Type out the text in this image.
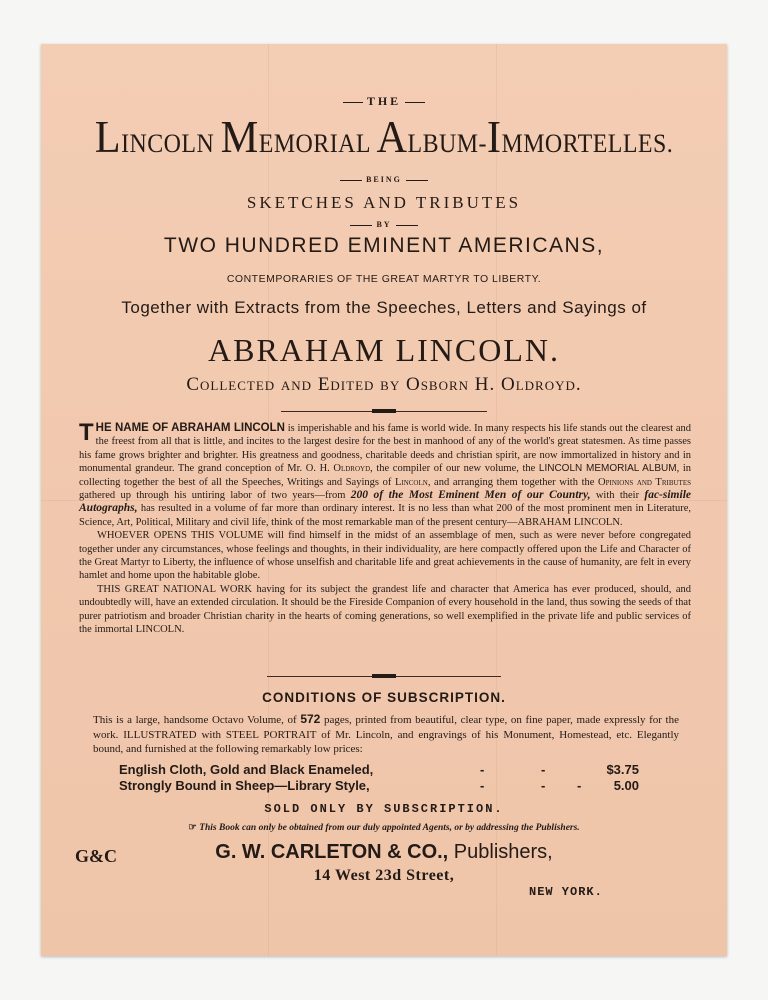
THE
LINCOLN MEMORIAL ALBUM-IMMORTELLES.
BEING
SKETCHES AND TRIBUTES
BY
TWO HUNDRED EMINENT AMERICANS,
CONTEMPORARIES OF THE GREAT MARTYR TO LIBERTY.
Together with Extracts from the Speeches, Letters and Sayings of
ABRAHAM LINCOLN.
Collected and Edited by Osborn H. Oldroyd.

THE NAME OF ABRAHAM LINCOLN is imperishable and his fame is world wide. In many respects his life stands out the clearest and the freest from all that is little, and incites to the largest desire for the best in manhood of any of the world's great statesmen. As time passes his fame grows brighter and brighter. His greatness and goodness, charitable deeds and christian spirit, are now immortalized in history and in monumental grandeur. The grand conception of Mr. O. H. Oldroyd, the compiler of our new volume, the LINCOLN MEMORIAL ALBUM, in collecting together the best of all the Speeches, Writings and Sayings of Lincoln, and arranging them together with the Opinions and Tributes gathered up through his untiring labor of two years—from 200 of the Most Eminent Men of our Country, with their fac-simile Autographs, has resulted in a volume of far more than ordinary interest. It is no less than what 200 of the most prominent men in Literature, Science, Art, Political, Military and civil life, think of the most remarkable man of the present century—ABRAHAM LINCOLN.

WHOEVER OPENS THIS VOLUME will find himself in the midst of an assemblage of men, such as were never before congregated together under any circumstances, whose feelings and thoughts, in their individuality, are here compactly offered upon the Life and Character of the Great Martyr to Liberty, the influence of whose unselfish and charitable life and great achievements in the cause of humanity, are felt in every hamlet and home upon the habitable globe.

THIS GREAT NATIONAL WORK having for its subject the grandest life and character that America has ever produced, should, and undoubtedly will, have an extended circulation. It should be the Fireside Companion of every household in the land, thus sowing the seeds of that purer patriotism and broader Christian charity in the hearts of coming generations, so well exemplified in the private life and public services of the immortal LINCOLN.

CONDITIONS OF SUBSCRIPTION.

This is a large, handsome Octavo Volume, of 572 pages, printed from beautiful, clear type, on fine paper, made expressly for the work. ILLUSTRATED with STEEL PORTRAIT of Mr. Lincoln, and engravings of his Monument, Homestead, etc. Elegantly bound, and furnished at the following remarkably low prices:

English Cloth, Gold and Black Enameled,	-	-	$3.75
Strongly Bound in Sheep—Library Style,	-	- - 5.00
SOLD ONLY BY SUBSCRIPTION.
☞ This Book can only be obtained from our duly appointed Agents, or by addressing the Publishers.
G&C	G. W. CARLETON & CO., Publishers,
14 West 23d Street,
NEW YORK.
